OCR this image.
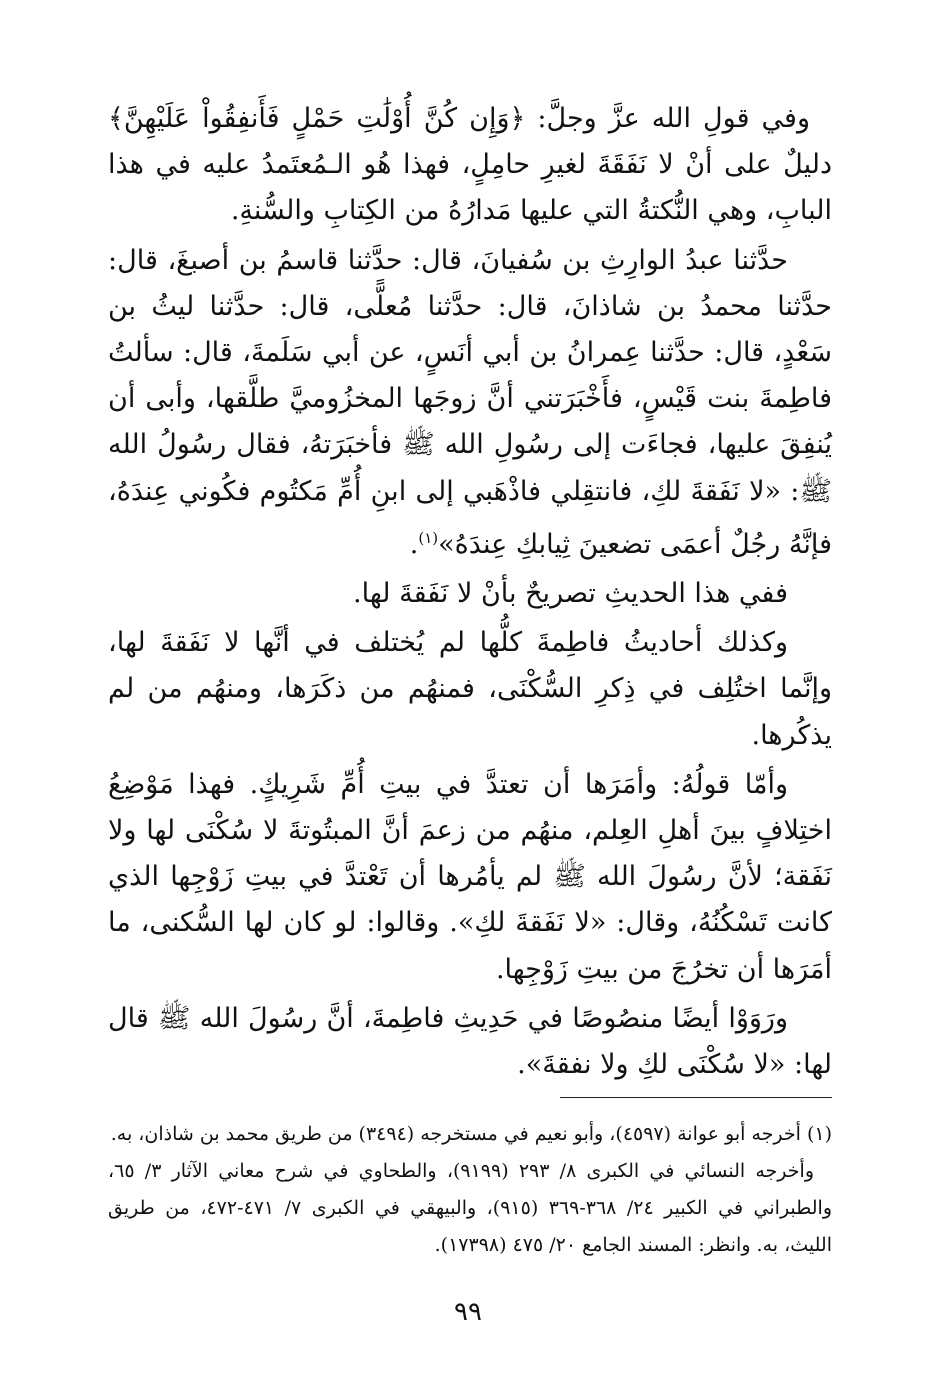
وفي قولِ الله عزَّ وجلَّ: ﴿وَإِن كُنَّ أُوْلَٰتِ حَمْلٍ فَأَنفِقُواْ عَلَيْهِنَّ﴾ دليلٌ على أنْ لا نَفَقَةَ لغيرِ حامِلٍ، فهذا هُو الـمُعتَمدُ عليه في هذا البابِ، وهي النُّكتةُ التي عليها مَدارُهُ من الكِتابِ والسُّنةِ.

حدَّثنا عبدُ الوارِثِ بن سُفيانَ، قال: حدَّثنا قاسمُ بن أصبغَ، قال: حدَّثنا محمدُ بن شاذانَ، قال: حدَّثنا مُعلًّى، قال: حدَّثنا ليثُ بن سَعْدٍ، قال: حدَّثنا عِمرانُ بن أبي أنَسٍ، عن أبي سَلَمةَ، قال: سألتُ فاطِمةَ بنت قَيْسٍ، فأَخْبَرَتني أنَّ زوجَها المخزُوميَّ طلَّقها، وأبى أن يُنفِقَ عليها، فجاءَت إلى رسُولِ الله ﷺ فأخبَرَتهُ، فقال رسُولُ الله ﷺ: «لا نَفَقةَ لكِ، فانتقِلي فاذْهَبي إلى ابنِ أُمِّ مَكتُوم فكُوني عِندَهُ، فإنَّهُ رجُلٌ أعمَى تضعينَ ثِيابكِ عِندَهُ»$^{(١)}$.

ففي هذا الحديثِ تصريحٌ بأنْ لا نَفَقةَ لها.

وكذلك أحاديثُ فاطِمةَ كلُّها لم يُختلف في أنَّها لا نَفَقةَ لها، وإنَّما اختُلِف في ذِكرِ السُّكْنَى، فمنهُم من ذكَرَها، ومنهُم من لم يذكُرها.

وأمّا قولُهُ: وأمَرَها أن تعتدَّ في بيتِ أُمِّ شَرِيكٍ. فهذا مَوْضِعُ اختِلافٍ بينَ أهلِ العِلم، منهُم من زعمَ أنَّ المبتُوتةَ لا سُكْنَى لها ولا نَفَقة؛ لأنَّ رسُولَ الله ﷺ لم يأمُرها أن تَعْتدَّ في بيتِ زَوْجِها الذي كانت تَسْكُنُهُ، وقال: «لا نَفَقةَ لكِ». وقالوا: لو كان لها السُّكنى، ما أمَرَها أن تخرُجَ من بيتِ زَوْجِها.

ورَوَوْا أيضًا منصُوصًا في حَدِيثِ فاطِمةَ، أنَّ رسُولَ الله ﷺ قال لها: «لا سُكْنَى لكِ ولا نفقةَ».

(١) أخرجه أبو عوانة (٤٥٩٧)، وأبو نعيم في مستخرجه (٣٤٩٤) من طريق محمد بن شاذان، به.

وأخرجه النسائي في الكبرى ٨/ ٢٩٣ (٩١٩٩)، والطحاوي في شرح معاني الآثار ٣/ ٦٥، والطبراني في الكبير ٢٤/ ٣٦٨-٣٦٩ (٩١٥)، والبيهقي في الكبرى ٧/ ٤٧١-٤٧٢، من طريق الليث، به. وانظر: المسند الجامع ٢٠/ ٤٧٥ (١٧٣٩٨).

٩٩
